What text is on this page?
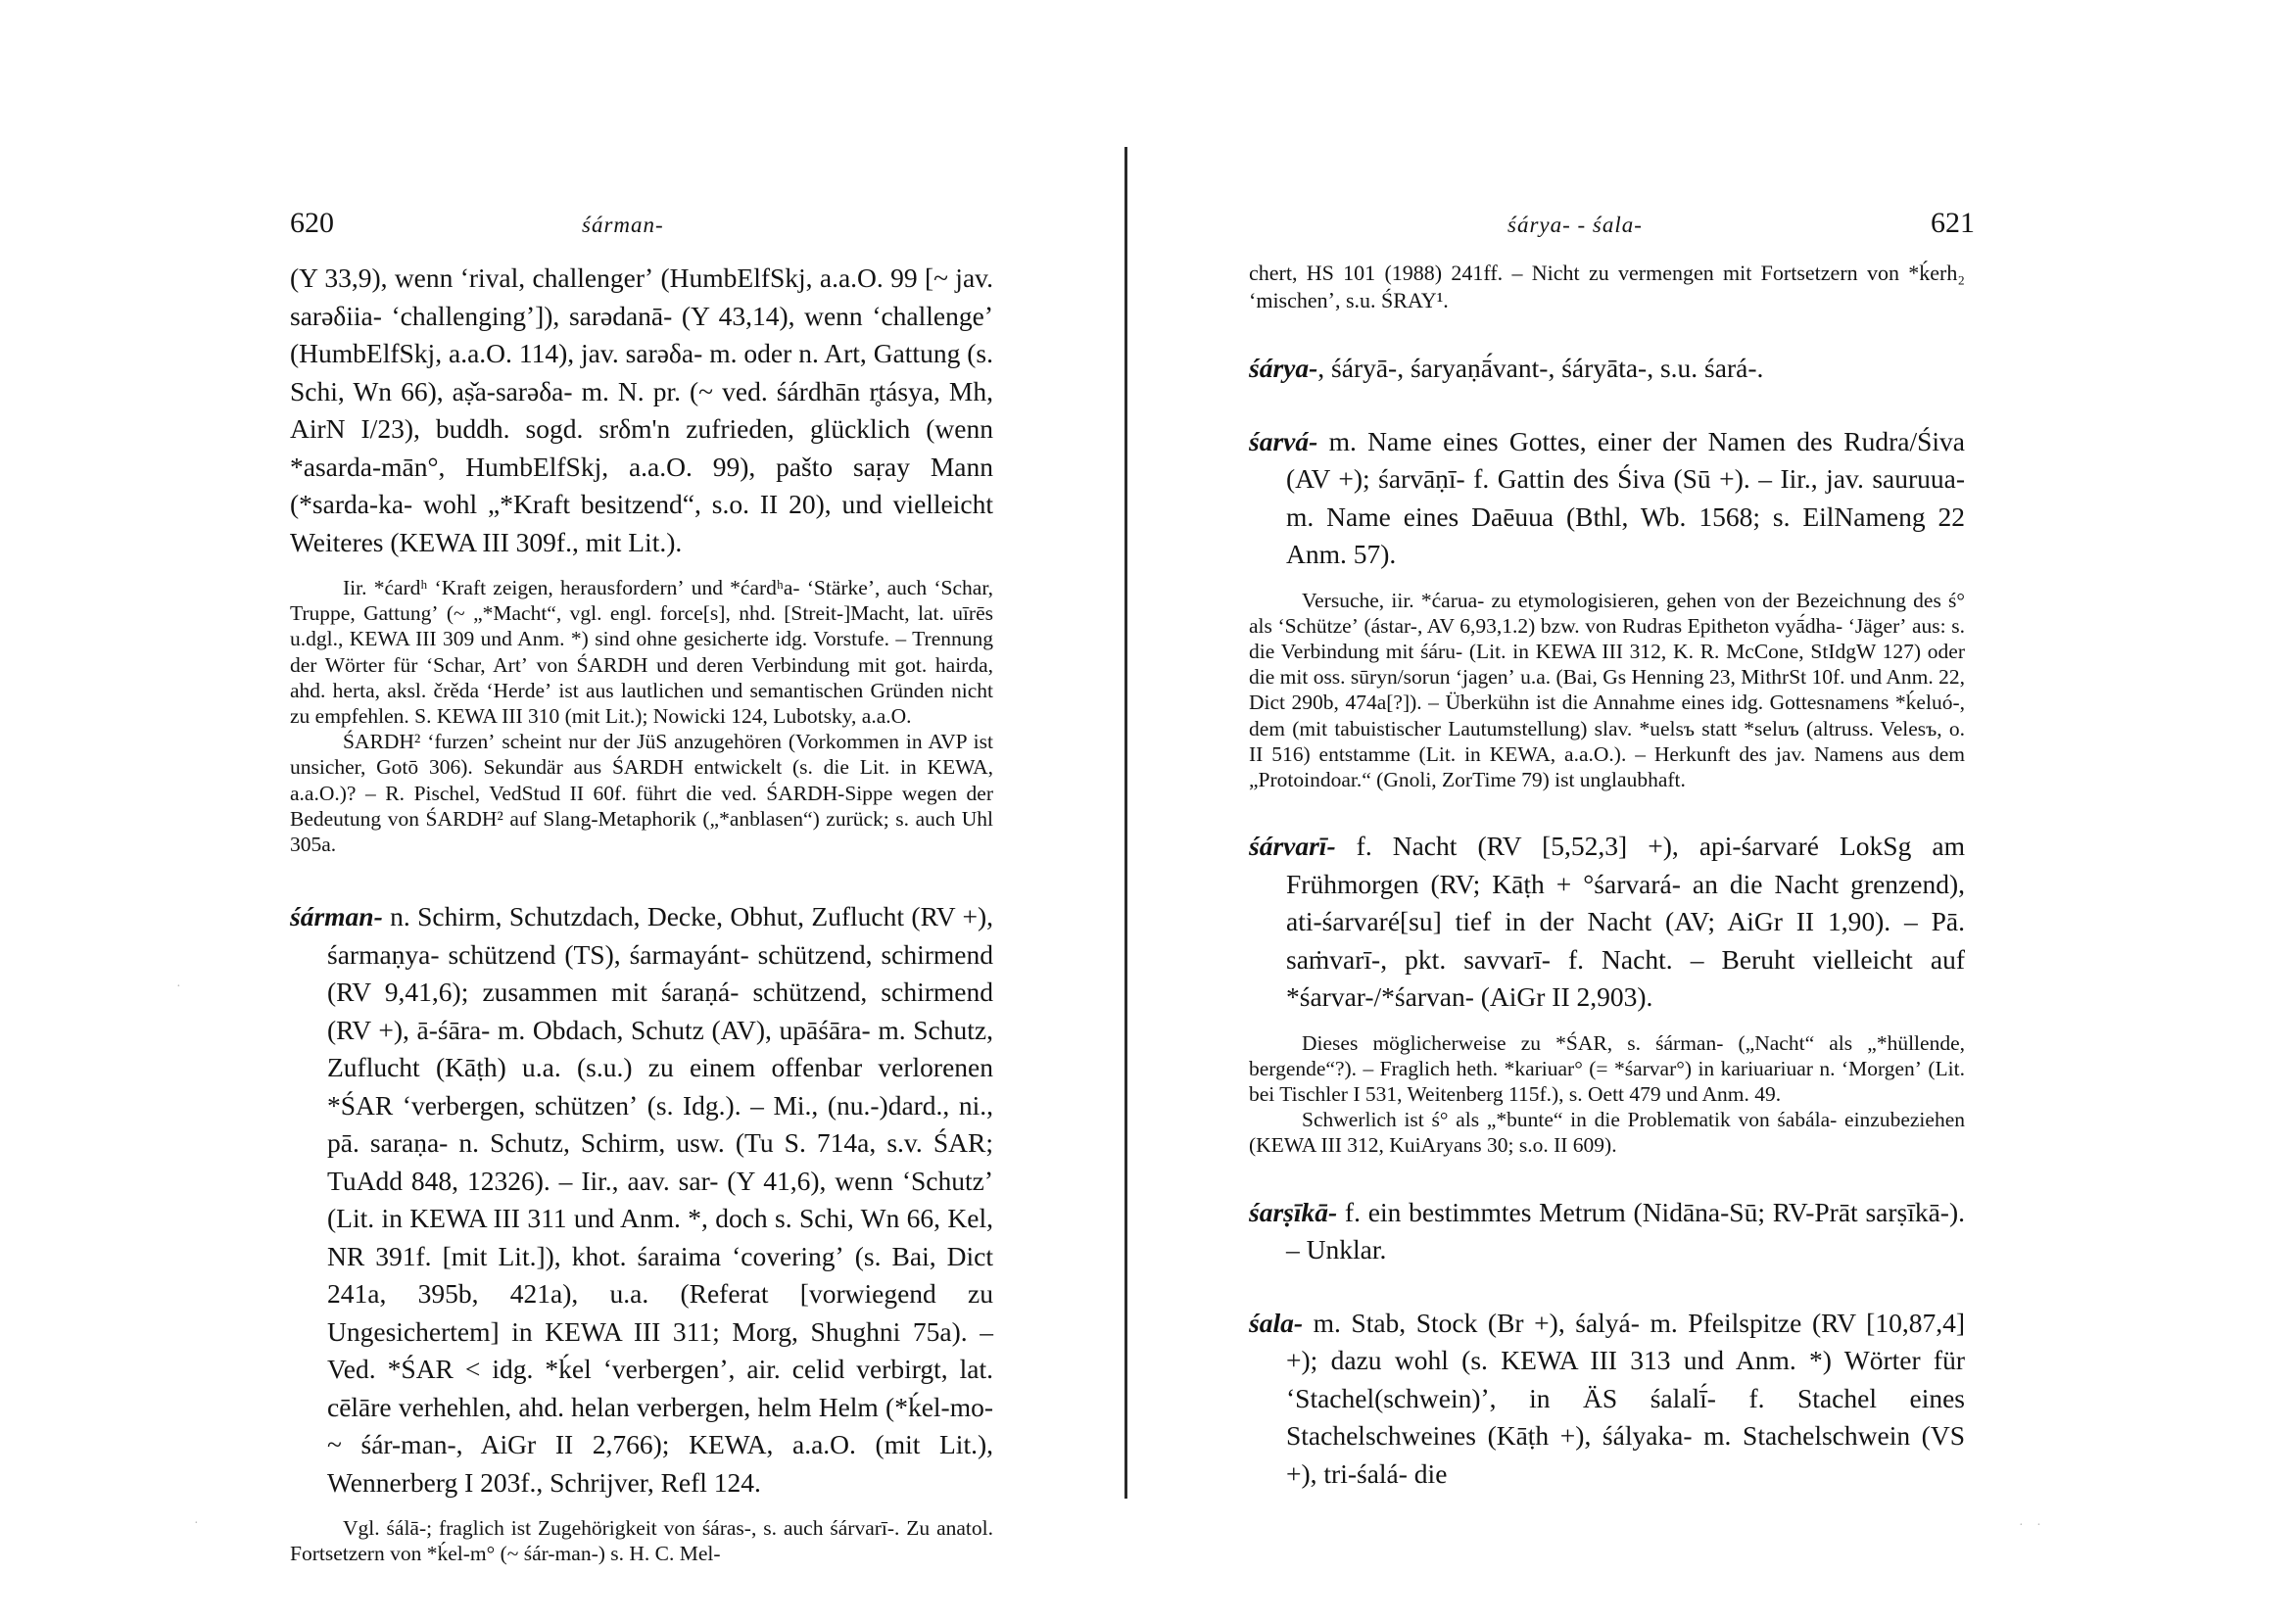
620	śárman-

(Y 33,9), wenn ʻrival, challengerʼ (HumbElfSkj, a.a.O. 99 [~ jav. sarəδiia- ʻchallengingʼ]), sarədanā- (Y 43,14), wenn ʻchallengeʼ (HumbElfSkj, a.a.O. 114), jav. sarəδa- m. oder n. Art, Gattung (s. Schi, Wn 66), aṣ̌a-sarəδa- m. N. pr. (~ ved. śárdhān r̥tásya, Mh, AirN I/23), buddh. sogd. srδm'n zufrieden, glücklich (wenn *asarda-mān°, HumbElfSkj, a.a.O. 99), pašto saṛay Mann (*sarda-ka- wohl „*Kraft besitzend“, s.o. II 20), und vielleicht Weiteres (KEWA III 309f., mit Lit.).

Iir. *ćardʰ ʻKraft zeigen, herausfordernʼ und *ćardʰa- ʻStärkeʼ, auch ʻSchar, Truppe, Gattungʼ (~ „*Macht“, vgl. engl. force[s], nhd. [Streit-]Macht, lat. uīrēs u.dgl., KEWA III 309 und Anm. *) sind ohne gesicherte idg. Vorstufe. – Trennung der Wörter für ʻSchar, Artʼ von ŚARDH und deren Verbindung mit got. hairda, ahd. herta, aksl. črěda ʻHerdeʼ ist aus lautlichen und semantischen Gründen nicht zu empfehlen. S. KEWA III 310 (mit Lit.); Nowicki 124, Lubotsky, a.a.O.

ŚARDH² ʻfurzenʼ scheint nur der JüS anzugehören (Vorkommen in AVP ist unsicher, Gotō 306). Sekundär aus ŚARDH entwickelt (s. die Lit. in KEWA, a.a.O.)? – R. Pischel, VedStud II 60f. führt die ved. ŚARDH-Sippe wegen der Bedeutung von ŚARDH² auf Slang-Metaphorik („*anblasen“) zurück; s. auch Uhl 305a.

śárman- n. Schirm, Schutzdach, Decke, Obhut, Zuflucht (RV +), śarmaṇya- schützend (TS), śarmayánt- schützend, schirmend (RV 9,41,6); zusammen mit śaraṇá- schützend, schirmend (RV +), ā-śāra- m. Obdach, Schutz (AV), upāśāra- m. Schutz, Zuflucht (Kāṭh) u.a. (s.u.) zu einem offenbar verlorenen *ŚAR ʻverbergen, schützenʼ (s. Idg.). – Mi., (nu.-)dard., ni., pā. saraṇa- n. Schutz, Schirm, usw. (Tu S. 714a, s.v. ŚAR; TuAdd 848, 12326). – Iir., aav. sar- (Y 41,6), wenn ʻSchutzʼ (Lit. in KEWA III 311 und Anm. *, doch s. Schi, Wn 66, Kel, NR 391f. [mit Lit.]), khot. śaraima ʻcoveringʼ (s. Bai, Dict 241a, 395b, 421a), u.a. (Referat [vorwiegend zu Ungesichertem] in KEWA III 311; Morg, Shughni 75a). – Ved. *ŚAR < idg. *ḱel ʻverbergenʼ, air. celid verbirgt, lat. cēlāre verhehlen, ahd. helan verbergen, helm Helm (*ḱel-mo- ~ śár-man-, AiGr II 2,766); KEWA, a.a.O. (mit Lit.), Wennerberg I 203f., Schrijver, Refl 124.

Vgl. śálā-; fraglich ist Zugehörigkeit von śáras-, s. auch śárvarī-. Zu anatol. Fortsetzern von *ḱel-m° (~ śár-man-) s. H. C. Mel-

śárya- - śala-	621

chert, HS 101 (1988) 241ff. – Nicht zu vermengen mit Fortsetzern von *ḱerh₂ ʻmischenʼ, s.u. ŚRAY¹.

śárya-, śáryā-, śaryaṇā́vant-, śáryāta-, s.u. śará-.

śarvá- m. Name eines Gottes, einer der Namen des Rudra/Śiva (AV +); śarvāṇī- f. Gattin des Śiva (Sū +). – Iir., jav. sauruua- m. Name eines Daēuua (Bthl, Wb. 1568; s. EilNameng 22 Anm. 57).

Versuche, iir. *ćarua- zu etymologisieren, gehen von der Bezeichnung des ś° als ʻSchützeʼ (ástar-, AV 6,93,1.2) bzw. von Rudras Epitheton vyā́dha- ʻJägerʼ aus: s. die Verbindung mit śáru- (Lit. in KEWA III 312, K. R. McCone, StIdgW 127) oder die mit oss. sūryn/sorun ʻjagenʼ u.a. (Bai, Gs Henning 23, MithrSt 10f. und Anm. 22, Dict 290b, 474a[?]). – Überkühn ist die Annahme eines idg. Gottesnamens *ḱeluó-, dem (mit tabuistischer Lautumstellung) slav. *uelsъ statt *seluъ (altruss. Velesъ, o. II 516) entstamme (Lit. in KEWA, a.a.O.). – Herkunft des jav. Namens aus dem „Protoindoar.“ (Gnoli, ZorTime 79) ist unglaubhaft.

śárvarī- f. Nacht (RV [5,52,3] +), api-śarvaré LokSg am Frühmorgen (RV; Kāṭh + °śarvará- an die Nacht grenzend), ati-śarvaré[su] tief in der Nacht (AV; AiGr II 1,90). – Pā. saṁvarī-, pkt. savvarī- f. Nacht. – Beruht vielleicht auf *śarvar-/*śarvan- (AiGr II 2,903).

Dieses möglicherweise zu *ŚAR, s. śárman- („Nacht“ als „*hüllende, bergende“?). – Fraglich heth. *kariuar° (= *śarvar°) in kariuariuar n. ʻMorgenʼ (Lit. bei Tischler I 531, Weitenberg 115f.), s. Oett 479 und Anm. 49.

Schwerlich ist ś° als „*bunte“ in die Problematik von śabála- einzubeziehen (KEWA III 312, KuiAryans 30; s.o. II 609).

śarṣīkā- f. ein bestimmtes Metrum (Nidāna-Sū; RV-Prāt sarṣīkā-). – Unklar.

śala- m. Stab, Stock (Br +), śalyá- m. Pfeilspitze (RV [10,87,4] +); dazu wohl (s. KEWA III 313 und Anm. *) Wörter für ʻStachel(schwein)ʼ, in ÄS śalalī́- f. Stachel eines Stachelschweines (Kāṭh +), śályaka- m. Stachelschwein (VS +), tri-śalá- die

·
·	· ·
